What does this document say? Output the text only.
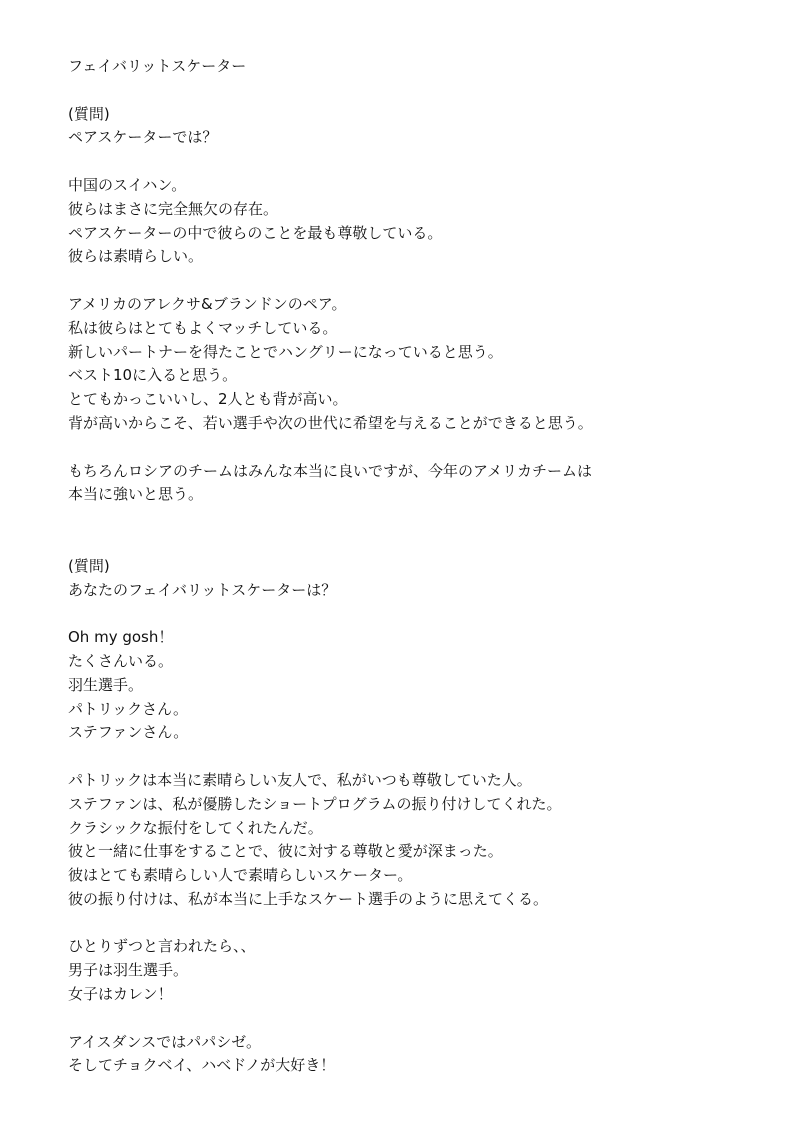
フェイバリットスケーター
(質問)
ペアスケーターでは？
中国のスイハン。
彼らはまさに完全無欠の存在。
ペアスケーターの中で彼らのことを最も尊敬している。
彼らは素晴らしい。
アメリカのアレクサ&ブランドンのペア。
私は彼らはとてもよくマッチしている。
新しいパートナーを得たことでハングリーになっていると思う。
ベスト10に入ると思う。
とてもかっこいいし、2人とも背が高い。
背が高いからこそ、若い選手や次の世代に希望を与えることができると思う。
もちろんロシアのチームはみんな本当に良いですが、今年のアメリカチームは
本当に強いと思う。
(質問)
あなたのフェイバリットスケーターは？
Oh my gosh！
たくさんいる。
羽生選手。
パトリックさん。
ステファンさん。
パトリックは本当に素晴らしい友人で、私がいつも尊敬していた人。
ステファンは、私が優勝したショートプログラムの振り付けしてくれた。
クラシックな振付をしてくれたんだ。
彼と一緒に仕事をすることで、彼に対する尊敬と愛が深まった。
彼はとても素晴らしい人で素晴らしいスケーター。
彼の振り付けは、私が本当に上手なスケート選手のように思えてくる。
ひとりずつと言われたら、、
男子は羽生選手。
女子はカレン！
アイスダンスではパパシゼ。
そしてチョクベイ、ハベドノが大好き！
